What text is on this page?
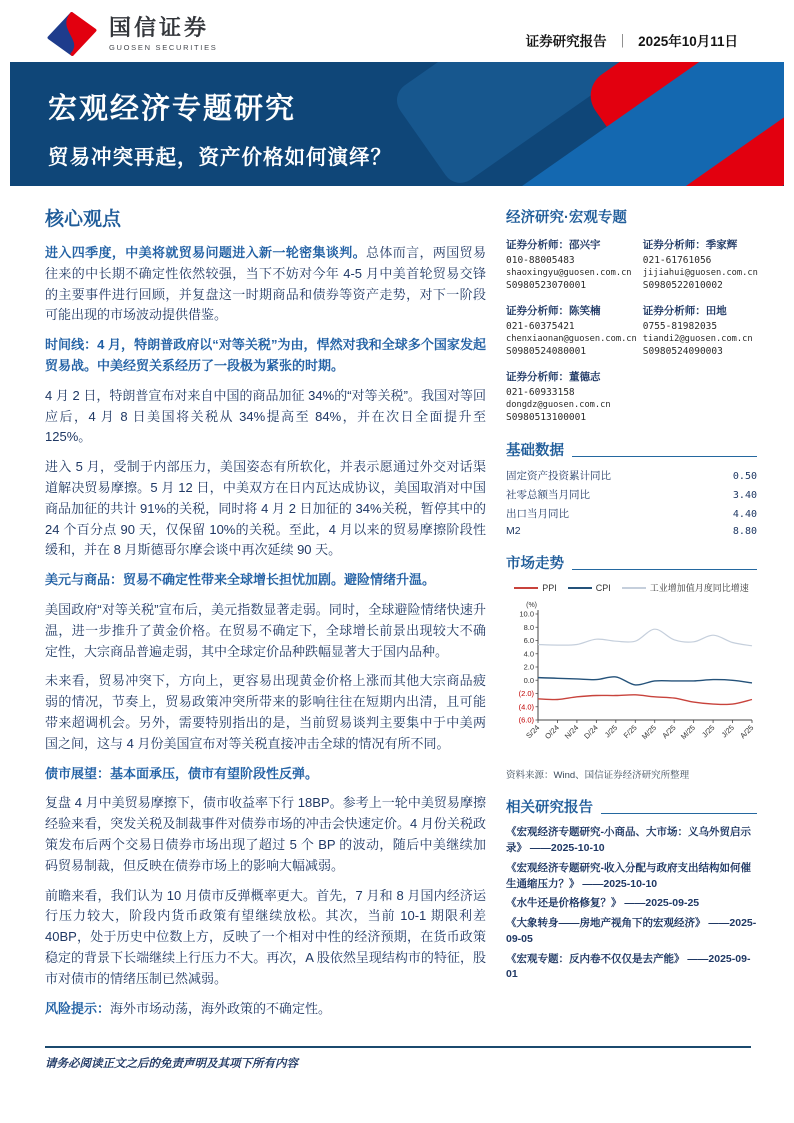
国信证券
GUOSEN SECURITIES	证券研究报告 ｜ 2025年10月11日
宏观经济专题研究
贸易冲突再起，资产价格如何演绎？
核心观点

进入四季度，中美将就贸易问题进入新一轮密集谈判。总体而言，两国贸易往来的中长期不确定性依然较强，当下不妨对今年 4-5 月中美首轮贸易交锋的主要事件进行回顾，并复盘这一时期商品和债券等资产走势，对下一阶段可能出现的市场波动提供借鉴。

时间线：4 月，特朗普政府以“对等关税”为由，悍然对我和全球多个国家发起贸易战。中美经贸关系经历了一段极为紧张的时期。

4 月 2 日，特朗普宣布对来自中国的商品加征 34%的“对等关税”。我国对等回应后，4 月 8 日美国将关税从 34%提高至 84%，并在次日全面提升至 125%。

进入 5 月，受制于内部压力，美国姿态有所软化，并表示愿通过外交对话渠道解决贸易摩擦。5 月 12 日，中美双方在日内瓦达成协议，美国取消对中国商品加征的共计 91%的关税，同时将 4 月 2 日加征的 34%关税，暂停其中的 24 个百分点 90 天，仅保留 10%的关税。至此，4 月以来的贸易摩擦阶段性缓和，并在 8 月斯德哥尔摩会谈中再次延续 90 天。

美元与商品：贸易不确定性带来全球增长担忧加剧。避险情绪升温。

美国政府“对等关税”宣布后，美元指数显著走弱。同时，全球避险情绪快速升温，进一步推升了黄金价格。在贸易不确定下，全球增长前景出现较大不确定性，大宗商品普遍走弱，其中全球定价品种跌幅显著大于国内品种。

未来看，贸易冲突下，方向上，更容易出现黄金价格上涨而其他大宗商品疲弱的情况，节奏上，贸易政策冲突所带来的影响往往在短期内出清，且可能带来超调机会。另外，需要特别指出的是，当前贸易谈判主要集中于中美两国之间，这与 4 月份美国宣布对等关税直接冲击全球的情况有所不同。

债市展望：基本面承压，债市有望阶段性反弹。

复盘 4 月中美贸易摩擦下，债市收益率下行 18BP。参考上一轮中美贸易摩擦经验来看，突发关税及制裁事件对债券市场的冲击会快速定价。4 月份关税政策发布后两个交易日债券市场出现了超过 5 个 BP 的波动，随后中美继续加码贸易制裁，但反映在债券市场上的影响大幅减弱。

前瞻来看，我们认为 10 月债市反弹概率更大。首先，7 月和 8 月国内经济运行压力较大，阶段内货币政策有望继续放松。其次，当前 10-1 期限利差 40BP，处于历史中位数上方，反映了一个相对中性的经济预期，在货币政策稳定的背景下长端继续上行压力不大。再次，A 股依然呈现结构市的特征，股市对债市的情绪压制已然减弱。

风险提示：海外市场动荡，海外政策的不确定性。

经济研究·宏观专题
证券分析师：邵兴宇
010-88005483
shaoxingyu@guosen.com.cn
S0980523070001
证券分析师：季家辉
021-61761056
jijiahui@guosen.com.cn
S0980522010002
证券分析师：陈笑楠
021-60375421
chenxiaonan@guosen.com.cn
S0980524080001
证券分析师：田地
0755-81982035
tiandi2@guosen.com.cn
S0980524090003
证券分析师：董德志
021-60933158
dongdz@guosen.com.cn
S0980513100001
基础数据
固定资产投资累计同比	0.50
社零总额当月同比	3.40
出口当月同比	4.40
M2	8.80
市场走势
PPI	CPI	工业增加值月度同比增速
(%)
10.0
8.0
6.0
4.0
2.0
0.0
(2.0)
(4.0)
(6.0)
S/24 O/24 N/24 D/24 J/25 F/25 M/25 A/25 M/25 J/25 J/25 A/25
资料来源：Wind、国信证券经济研究所整理
相关研究报告
《宏观经济专题研究-小商品、大市场：义乌外贸启示录》 ——2025-10-10
《宏观经济专题研究-收入分配与政府支出结构如何催生通缩压力？》 ——2025-10-10
《水牛还是价格修复？》 ——2025-09-25
《大象转身——房地产视角下的宏观经济》 ——2025-09-05
《宏观专题：反内卷不仅仅是去产能》 ——2025-09-01
请务必阅读正文之后的免责声明及其项下所有内容
